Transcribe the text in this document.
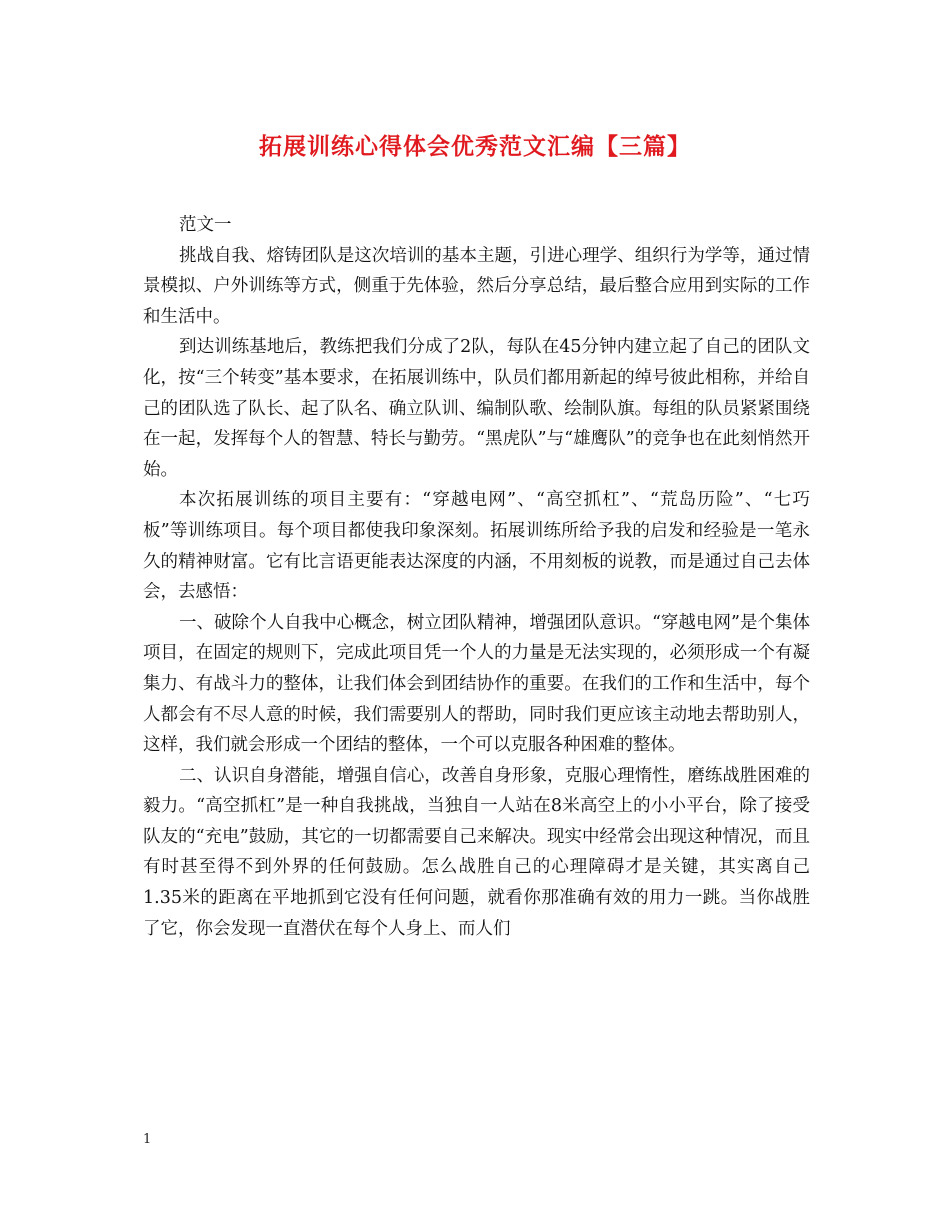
拓展训练心得体会优秀范文汇编【三篇】

范文一

挑战自我、熔铸团队是这次培训的基本主题，引进心理学、组织行为学等，通过情景模拟、户外训练等方式，侧重于先体验，然后分享总结，最后整合应用到实际的工作和生活中。

到达训练基地后，教练把我们分成了2队，每队在45分钟内建立起了自己的团队文化，按“三个转变”基本要求，在拓展训练中，队员们都用新起的绰号彼此相称，并给自己的团队选了队长、起了队名、确立队训、编制队歌、绘制队旗。每组的队员紧紧围绕在一起，发挥每个人的智慧、特长与勤劳。“黑虎队”与“雄鹰队”的竞争也在此刻悄然开始。

本次拓展训练的项目主要有：“穿越电网”、“高空抓杠”、“荒岛历险”、“七巧板”等训练项目。每个项目都使我印象深刻。拓展训练所给予我的启发和经验是一笔永久的精神财富。它有比言语更能表达深度的内涵，不用刻板的说教，而是通过自己去体会，去感悟：

一、破除个人自我中心概念，树立团队精神，增强团队意识。“穿越电网”是个集体项目，在固定的规则下，完成此项目凭一个人的力量是无法实现的，必须形成一个有凝集力、有战斗力的整体，让我们体会到团结协作的重要。在我们的工作和生活中，每个人都会有不尽人意的时候，我们需要别人的帮助，同时我们更应该主动地去帮助别人，这样，我们就会形成一个团结的整体，一个可以克服各种困难的整体。

二、认识自身潜能，增强自信心，改善自身形象，克服心理惰性，磨练战胜困难的毅力。“高空抓杠”是一种自我挑战，当独自一人站在8米高空上的小小平台，除了接受队友的“充电”鼓励，其它的一切都需要自己来解决。现实中经常会出现这种情况，而且有时甚至得不到外界的任何鼓励。怎么战胜自己的心理障碍才是关键，其实离自己1.35米的距离在平地抓到它没有任何问题，就看你那准确有效的用力一跳。当你战胜了它，你会发现一直潜伏在每个人身上、而人们

1
